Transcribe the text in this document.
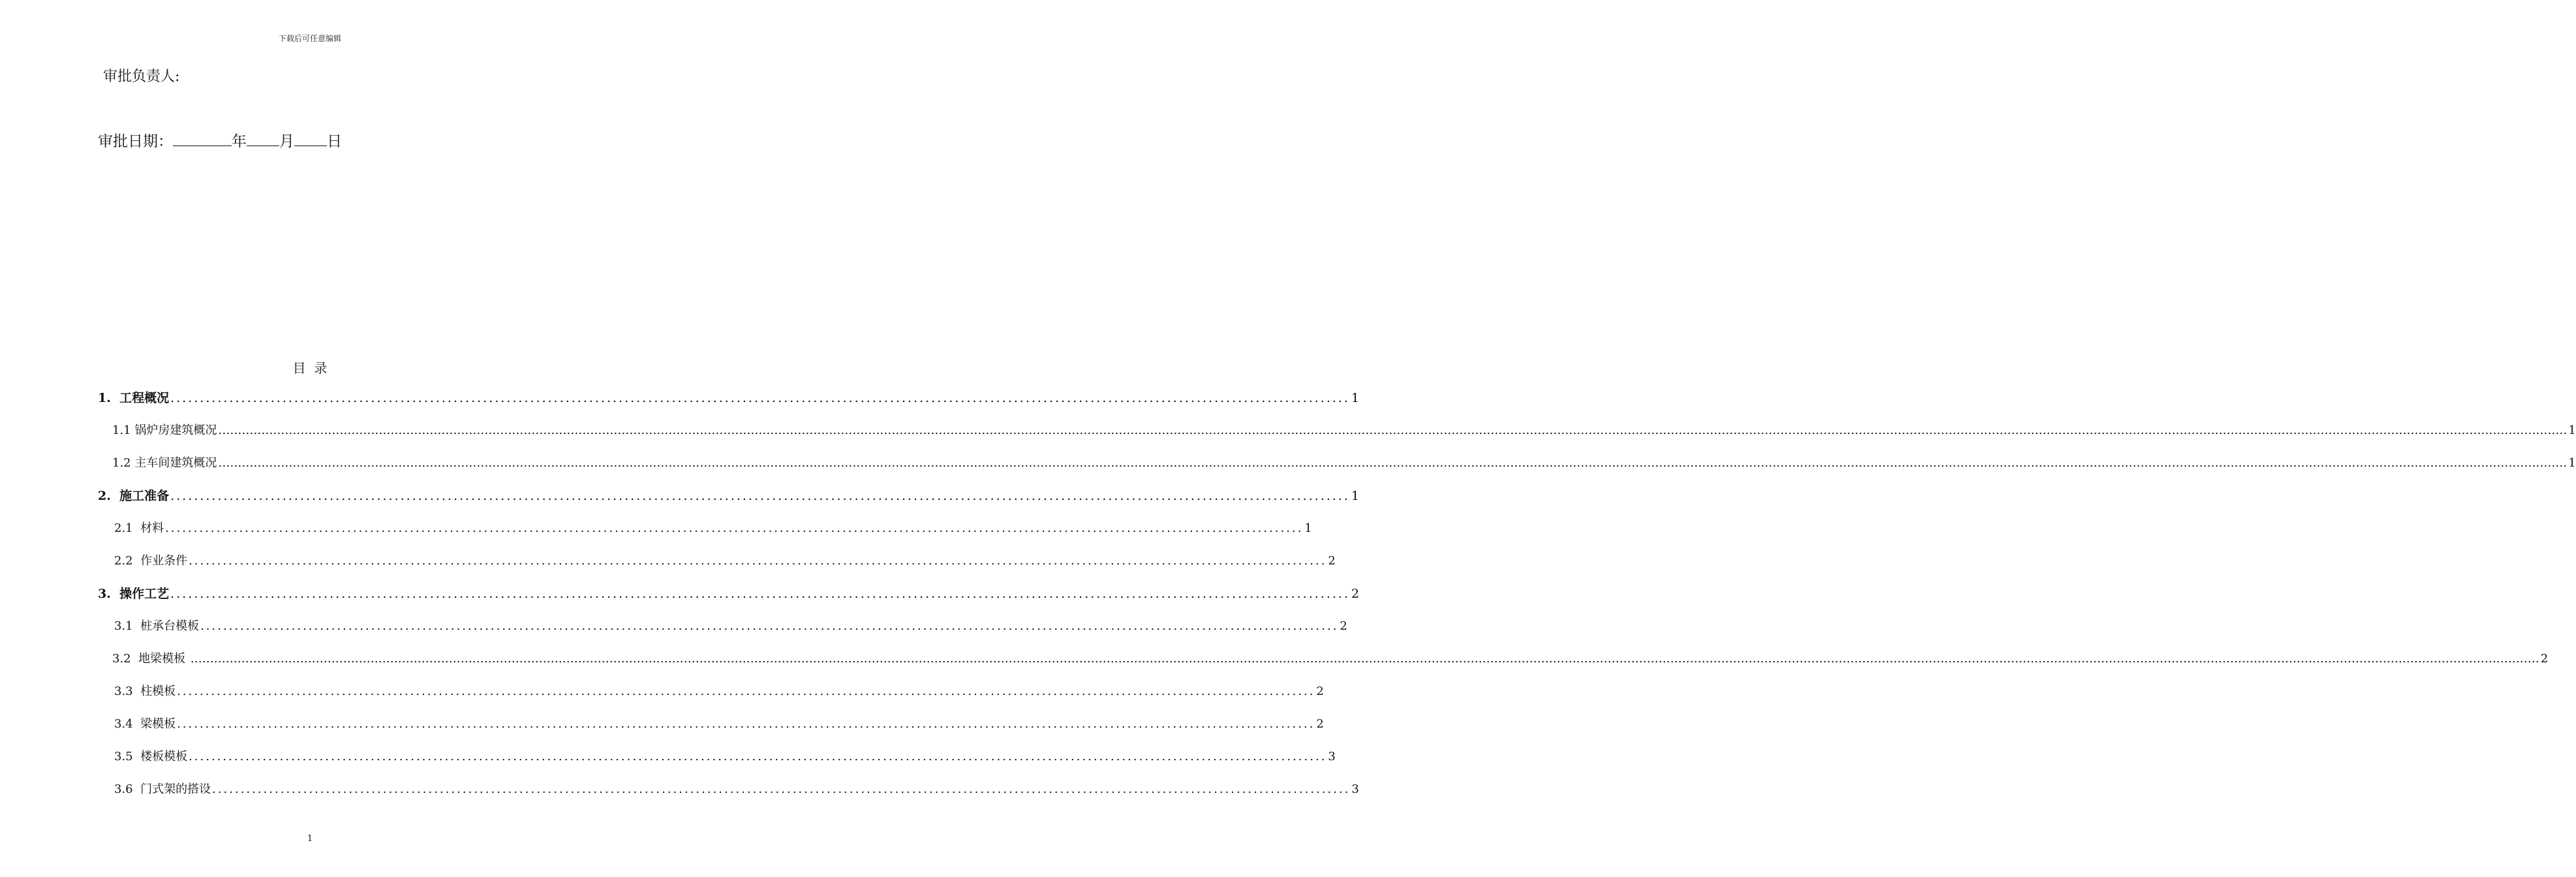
下载后可任意编辑
审批负责人:
审批日期：	年 月 日
目  录
1.  工程概况 ........................................................................................................................................................................................................ 1
1.1 锅炉房建筑概况 …………………………………………………………………………………………………………………………………………………………………………………………………………………………………………………………………………………………………………………………………………………………………………………………………………………………………………………………………………………………………………………………………………………… 1
1.2 主车间建筑概况 …………………………………………………………………………………………………………………………………………………………………………………………………………………………………………………………………………………………………………………………………………………………………………………………………………………………………………………………………………………………………………………………………………………… 1
2.  施工准备 ........................................................................................................................................................................................................ 1
2.1  材料 ........................................................................................................................................................................................................ 1
2.2  作业条件 ........................................................................................................................................................................................................ 2
3.  操作工艺 ........................................................................................................................................................................................................ 2
3.1  桩承台模板 ........................................................................................................................................................................................................ 2
3.2  地梁模板 …………………………………………………………………………………………………………………………………………………………………………………………………………………………………………………………………………………………………………………………………………………………………………………………………………………………………………………………………………………………………………………………………………………… 2
3.3  柱模板 ........................................................................................................................................................................................................ 2
3.4  梁模板 ........................................................................................................................................................................................................ 2
3.5  楼板模板 ........................................................................................................................................................................................................ 3
3.6  门式架的搭设 ........................................................................................................................................................................................................ 3
1
